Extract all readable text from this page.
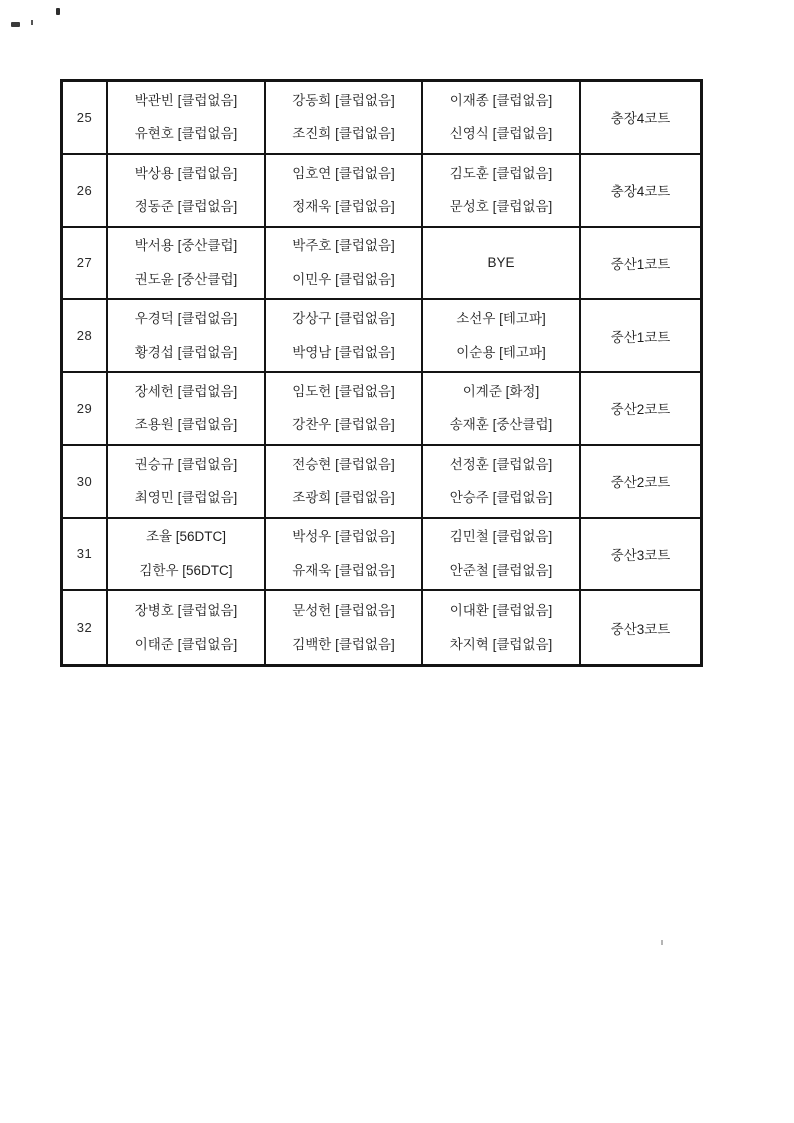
25
박관빈 [클럽없음]
유현호 [클럽없음]
강동희 [클럽없음]
조진희 [클럽없음]
이재종 [클럽없음]
신영식 [클럽없음]
충장4코트
26
박상용 [클럽없음]
정동준 [클럽없음]
임호연 [클럽없음]
정재욱 [클럽없음]
김도훈 [클럽없음]
문성호 [클럽없음]
충장4코트
27
박서용 [중산클럽]
권도윤 [중산클럽]
박주호 [클럽없음]
이민우 [클럽없음]
BYE	중산1코트
28
우경덕 [클럽없음]
황경섭 [클럽없음]
강상구 [클럽없음]
박영남 [클럽없음]
소선우 [테고파]
이순용 [테고파]
중산1코트
29
장세헌 [클럽없음]
조용원 [클럽없음]
임도헌 [클럽없음]
강찬우 [클럽없음]
이계준 [화정]
송재훈 [중산클럽]
중산2코트
30
권승규 [클럽없음]
최영민 [클럽없음]
전승현 [클럽없음]
조광희 [클럽없음]
선정훈 [클럽없음]
안승주 [클럽없음]
중산2코트
31
조율 [56DTC]
김한우 [56DTC]
박성우 [클럽없음]
유재욱 [클럽없음]
김민철 [클럽없음]
안준철 [클럽없음]
중산3코트
32
장병호 [클럽없음]
이태준 [클럽없음]
문성헌 [클럽없음]
김백한 [클럽없음]
이대환 [클럽없음]
차지혁 [클럽없음]
중산3코트
